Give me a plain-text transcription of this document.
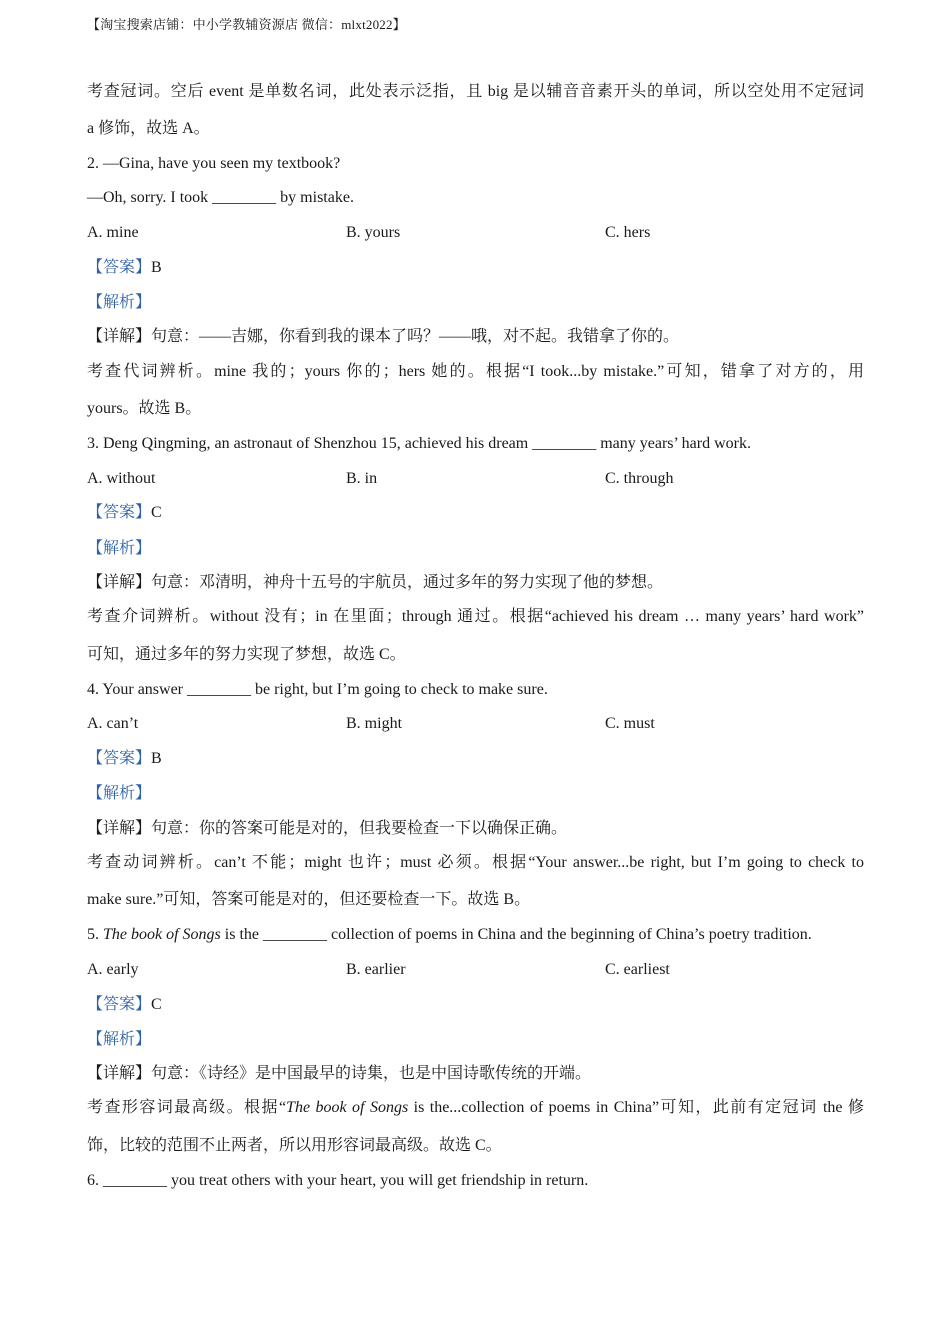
【淘宝搜索店铺：中小学教辅资源店 微信：mlxt2022】
考查冠词。空后 event 是单数名词，此处表示泛指，且 big 是以辅音音素开头的单词，所以空处用不定冠词
a 修饰，故选 A。
2. —Gina, have you seen my textbook?
—Oh, sorry. I took ________ by mistake.
A. mine	B. yours	C. hers
【答案】B
【解析】
【详解】句意：——吉娜，你看到我的课本了吗？——哦，对不起。我错拿了你的。
考查代词辨析。mine 我的；yours 你的；hers 她的。根据“I took...by mistake.”可知，错拿了对方的，用
yours。故选 B。
3. Deng Qingming, an astronaut of Shenzhou 15, achieved his dream ________ many years’ hard work.
A. without	B. in	C. through
【答案】C
【解析】
【详解】句意：邓清明，神舟十五号的宇航员，通过多年的努力实现了他的梦想。
考查介词辨析。without 没有；in 在里面；through 通过。根据“achieved his dream … many years’ hard work”
可知，通过多年的努力实现了梦想，故选 C。
4. Your answer ________ be right, but I’m going to check to make sure.
A. can’t	B. might	C. must
【答案】B
【解析】
【详解】句意：你的答案可能是对的，但我要检查一下以确保正确。
考查动词辨析。can’t 不能；might 也许；must 必须。根据“Your answer...be right, but I’m going to check to
make sure.”可知，答案可能是对的，但还要检查一下。故选 B。
5. The book of Songs is the ________ collection of poems in China and the beginning of China’s poetry tradition.
A. early	B. earlier	C. earliest
【答案】C
【解析】
【详解】句意：《诗经》是中国最早的诗集，也是中国诗歌传统的开端。
考查形容词最高级。根据“The book of Songs is the...collection of poems in China”可知，此前有定冠词 the 修
饰，比较的范围不止两者，所以用形容词最高级。故选 C。
6. ________ you treat others with your heart, you will get friendship in return.
